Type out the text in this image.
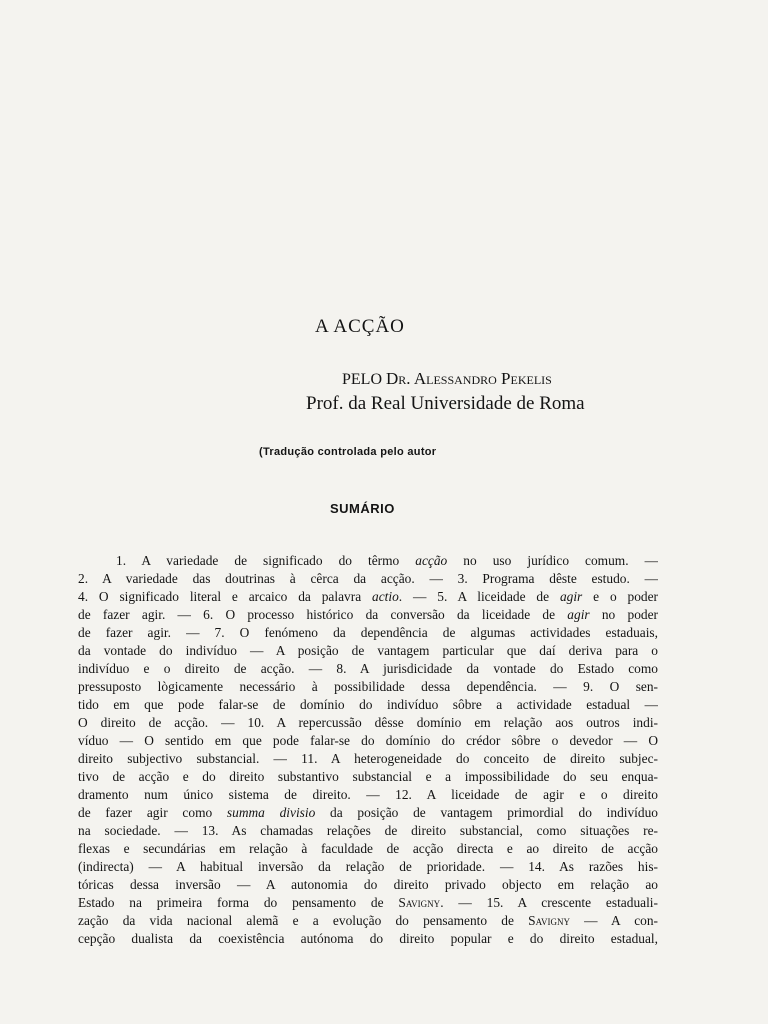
A ACÇÃO
PELO Dr. Alessandro Pekelis
Prof. da Real Universidade de Roma
(Tradução controlada pelo autor
SUMÁRIO
1. A variedade de significado do têrmo acção no uso jurídico comum. —
2. A variedade das doutrinas à cêrca da acção. — 3. Programa dêste estudo. —
4. O significado literal e arcaico da palavra actio. — 5. A liceidade de agir e o poder
de fazer agir. — 6. O processo histórico da conversão da liceidade de agir no poder
de fazer agir. — 7. O fenómeno da dependência de algumas actividades estaduais,
da vontade do indivíduo — A posição de vantagem particular que daí deriva para o
indivíduo e o direito de acção. — 8. A jurisdicidade da vontade do Estado como
pressuposto lògicamente necessário à possibilidade dessa dependência. — 9. O sen-
tido em que pode falar-se de domínio do indivíduo sôbre a actividade estadual —
O direito de acção. — 10. A repercussão dêsse domínio em relação aos outros indi-
víduo — O sentido em que pode falar-se do domínio do crédor sôbre o devedor — O
direito subjectivo substancial. — 11. A heterogeneidade do conceito de direito subjec-
tivo de acção e do direito substantivo substancial e a impossibilidade do seu enqua-
dramento num único sistema de direito. — 12. A liceidade de agir e o direito
de fazer agir como summa divisio da posição de vantagem primordial do indivíduo
na sociedade. — 13. As chamadas relações de direito substancial, como situações re-
flexas e secundárias em relação à faculdade de acção directa e ao direito de acção
(indirecta) — A habitual inversão da relação de prioridade. — 14. As razões his-
tóricas dessa inversão — A autonomia do direito privado objecto em relação ao
Estado na primeira forma do pensamento de Savigny. — 15. A crescente estaduali-
zação da vida nacional alemã e a evolução do pensamento de Savigny — A con-
cepção dualista da coexistência autónoma do direito popular e do direito estadual,
